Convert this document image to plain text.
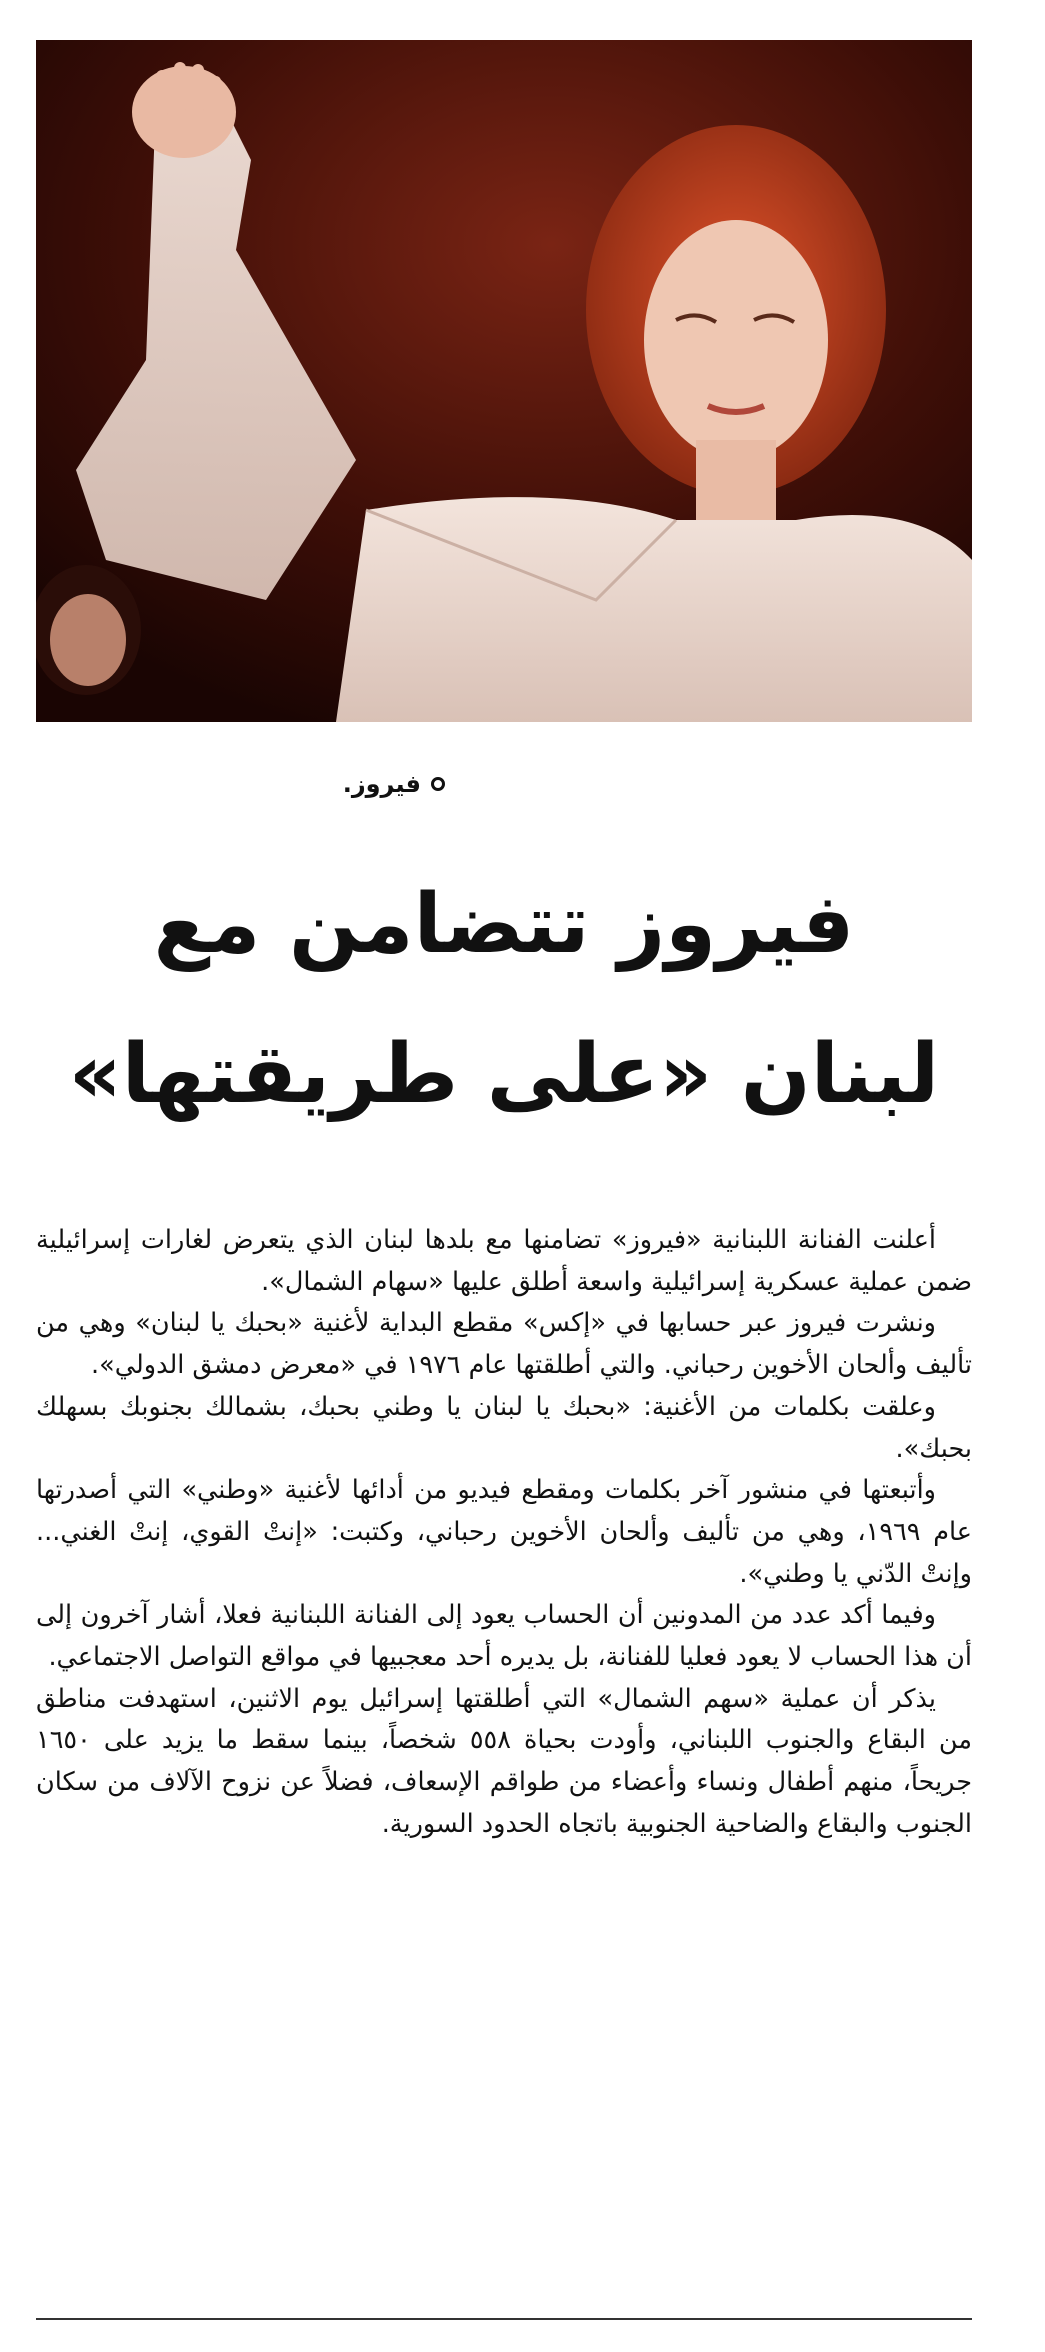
فيروز.
فيروز تتضامن مع
لبنان «على طريقتها»

أعلنت الفنانة اللبنانية «فيروز» تضامنها مع بلدها لبنان الذي يتعرض لغارات إسرائيلية ضمن عملية عسكرية إسرائيلية واسعة أطلق عليها «سهام الشمال».

ونشرت فيروز عبر حسابها في «إكس» مقطع البداية لأغنية «بحبك يا لبنان» وهي من تأليف وألحان الأخوين رحباني. والتي أطلقتها عام ١٩٧٦ في «معرض دمشق الدولي».

وعلقت بكلمات من الأغنية: «بحبك يا لبنان يا وطني بحبك، بشمالك بجنوبك بسهلك بحبك».

وأتبعتها في منشور آخر بكلمات ومقطع فيديو من أدائها لأغنية «وطني» التي أصدرتها عام ١٩٦٩، وهي من تأليف وألحان الأخوين رحباني، وكتبت: «إنتْ القوي، إنتْ الغني... وإنتْ الدّني يا وطني».

وفيما أكد عدد من المدونين أن الحساب يعود إلى الفنانة اللبنانية فعلا، أشار آخرون إلى أن هذا الحساب لا يعود فعليا للفنانة، بل يديره أحد معجبيها في مواقع التواصل الاجتماعي.

يذكر أن عملية «سهم الشمال» التي أطلقتها إسرائيل يوم الاثنين، استهدفت مناطق من البقاع والجنوب اللبناني، وأودت بحياة ٥٥٨ شخصاً، بينما سقط ما يزيد على ١٦٥٠ جريحاً، منهم أطفال ونساء وأعضاء من طواقم الإسعاف، فضلاً عن نزوح الآلاف من سكان الجنوب والبقاع والضاحية الجنوبية باتجاه الحدود السورية.
